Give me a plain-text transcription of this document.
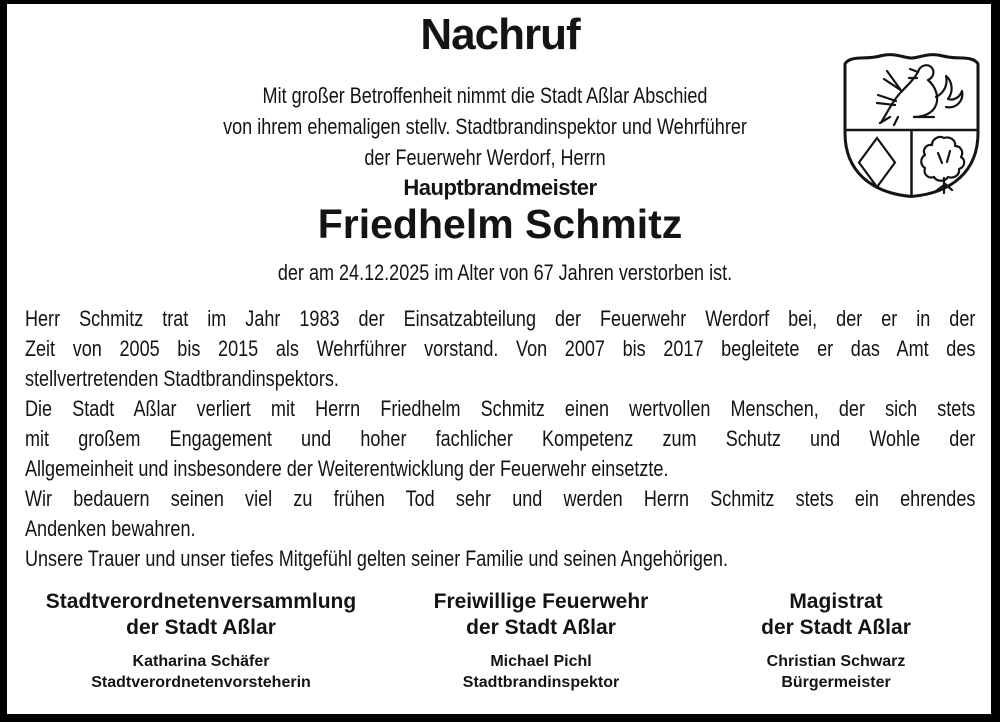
Nachruf
Mit großer Betroffenheit nimmt die Stadt Aßlar Abschied
von ihrem ehemaligen stellv. Stadtbrandinspektor und Wehrführer
der Feuerwehr Werdorf, Herrn
Hauptbrandmeister
Friedhelm Schmitz
der am 24.12.2025 im Alter von 67 Jahren verstorben ist.
Herr Schmitz trat im Jahr 1983 der Einsatzabteilung der Feuerwehr Werdorf bei, der er in der
Zeit von 2005 bis 2015 als Wehrführer vorstand. Von 2007 bis 2017 begleitete er das Amt des
stellvertretenden Stadtbrandinspektors.
Die Stadt Aßlar verliert mit Herrn Friedhelm Schmitz einen wertvollen Menschen, der sich stets
mit großem Engagement und hoher fachlicher Kompetenz zum Schutz und Wohle der
Allgemeinheit und insbesondere der Weiterentwicklung der Feuerwehr einsetzte.
Wir bedauern seinen viel zu frühen Tod sehr und werden Herrn Schmitz stets ein ehrendes
Andenken bewahren.
Unsere Trauer und unser tiefes Mitgefühl gelten seiner Familie und seinen Angehörigen.
Stadtverordnetenversammlung
der Stadt Aßlar
Katharina Schäfer
Stadtverordnetenvorsteherin
Freiwillige Feuerwehr
der Stadt Aßlar
Michael Pichl
Stadtbrandinspektor
Magistrat
der Stadt Aßlar
Christian Schwarz
Bürgermeister
